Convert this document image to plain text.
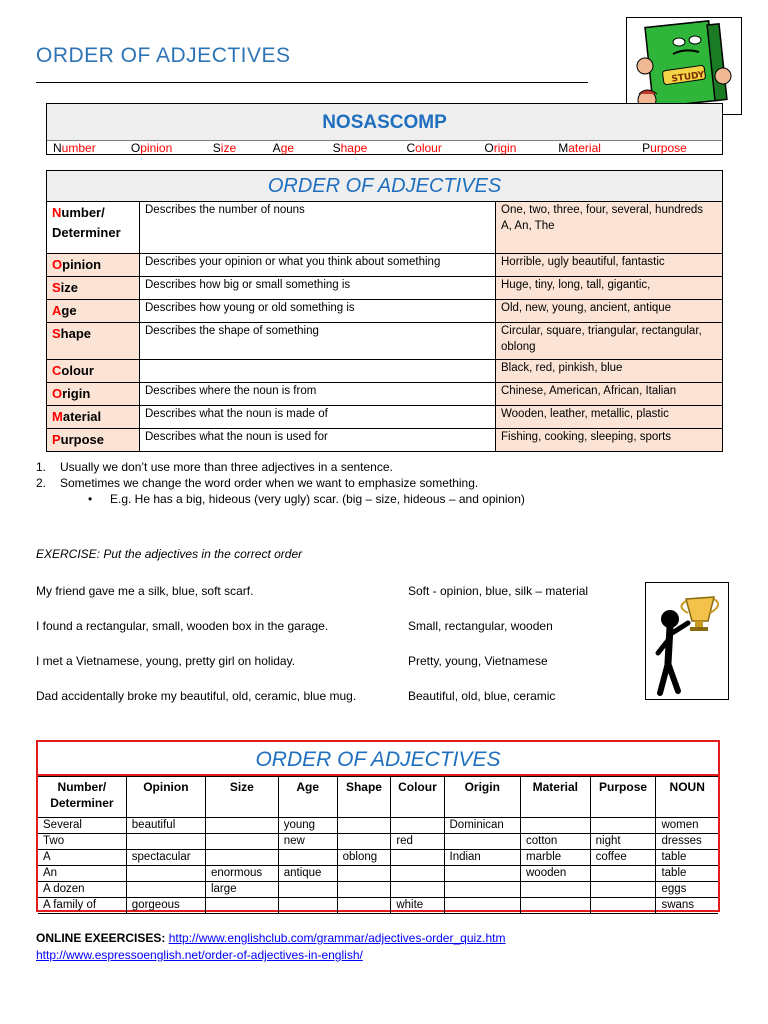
ORDER OF ADJECTIVES
STUDY
NOSASCOMP
Number	Opinion	Size	Age	Shape	Colour	Origin	Material	Purpose
ORDER OF ADJECTIVES		
Number/
Determiner	Describes the number of nouns	One, two, three, four, several, hundreds
A, An, The
Opinion	Describes your opinion or what you think about something	Horrible, ugly beautiful, fantastic
Size	Describes how big or small something is	Huge, tiny, long, tall, gigantic,
Age	Describes how young or old something is	Old, new, young, ancient, antique
Shape	Describes the shape of something	Circular, square, triangular, rectangular, oblong
Colour		Black, red, pinkish, blue
Origin	Describes where the noun is from	Chinese, American, African, Italian
Material	Describes what the noun is made of	Wooden, leather, metallic, plastic
Purpose	Describes what the noun is used for	Fishing, cooking, sleeping, sports
1. Usually we don’t use more than three adjectives in a sentence.
2. Sometimes we change the word order when we want to emphasize something.
• E.g. He has a big, hideous (very ugly) scar. (big – size, hideous – and opinion)
EXERCISE: Put the adjectives in the correct order
My friend gave me a silk, blue, soft scarf.	Soft - opinion, blue, silk – material
I found a rectangular, small, wooden box in the garage.	Small, rectangular, wooden
I met a Vietnamese, young, pretty girl on holiday.	Pretty, young, Vietnamese
Dad accidentally broke my beautiful, old, ceramic, blue mug.	Beautiful, old, blue, ceramic
ORDER OF ADJECTIVES
Number/
Determiner	Opinion	Size	Age	Shape	Colour	Origin	Material	Purpose	NOUN
Several	beautiful		young			Dominican			women
Two			new		red		cotton	night	dresses
A	spectacular			oblong		Indian	marble	coffee	table
An		enormous	antique				wooden		table
A dozen		large							eggs
A family of	gorgeous				white				swans
ONLINE EXEERCISES: http://www.englishclub.com/grammar/adjectives-order_quiz.htm
http://www.espressoenglish.net/order-of-adjectives-in-english/
